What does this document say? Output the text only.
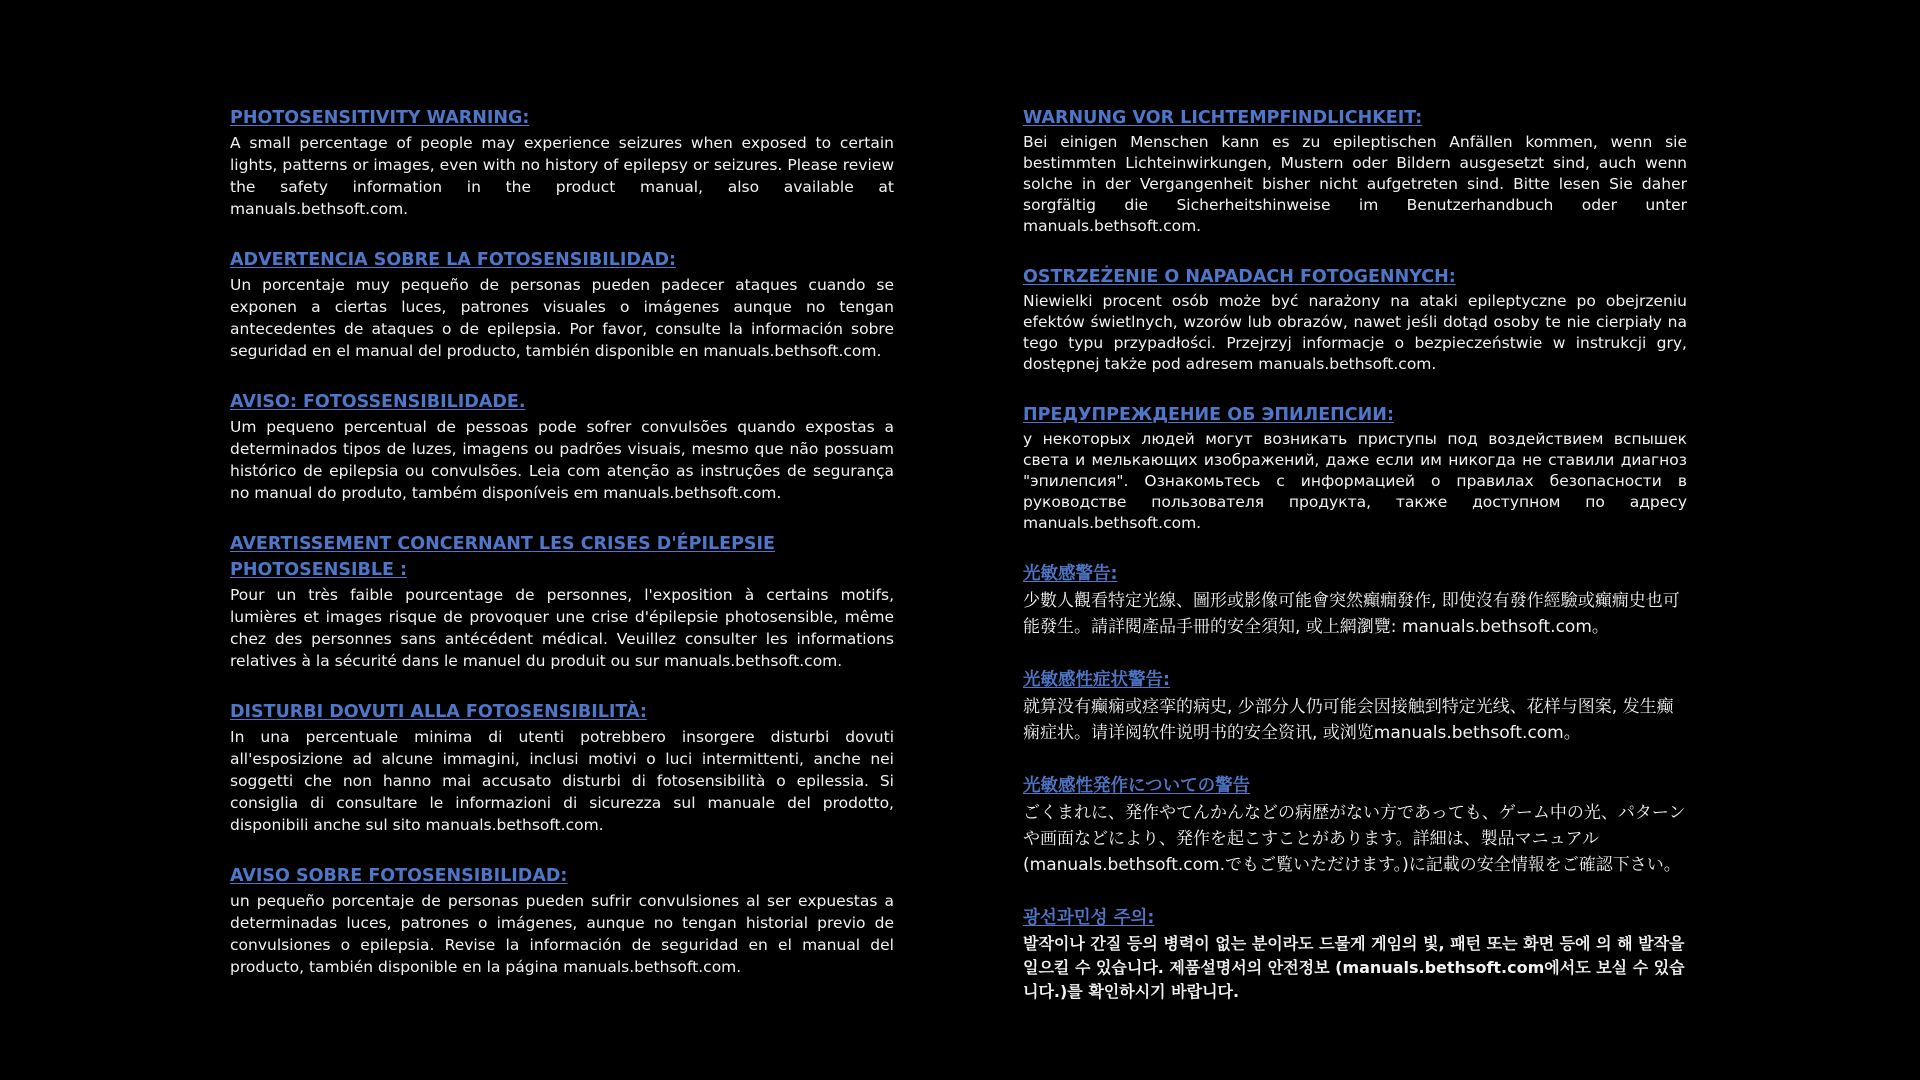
PHOTOSENSITIVITY WARNING:
A small percentage of people may experience seizures when exposed to certain lights, patterns or images, even with no history of epilepsy or seizures. Please review the safety information in the product manual, also available at manuals.bethsoft.com.
ADVERTENCIA SOBRE LA FOTOSENSIBILIDAD:
Un porcentaje muy pequeño de personas pueden padecer ataques cuando se exponen a ciertas luces, patrones visuales o imágenes aunque no tengan antecedentes de ataques o de epilepsia. Por favor, consulte la información sobre seguridad en el manual del producto, también disponible en manuals.bethsoft.com.
AVISO: FOTOSSENSIBILIDADE.
Um pequeno percentual de pessoas pode sofrer convulsões quando expostas a determinados tipos de luzes, imagens ou padrões visuais, mesmo que não possuam histórico de epilepsia ou convulsões. Leia com atenção as instruções de segurança no manual do produto, também disponíveis em manuals.bethsoft.com.
AVERTISSEMENT CONCERNANT LES CRISES D'ÉPILEPSIE PHOTOSENSIBLE :
Pour un très faible pourcentage de personnes, l'exposition à certains motifs, lumières et images risque de provoquer une crise d'épilepsie photosensible, même chez des personnes sans antécédent médical. Veuillez consulter les informations relatives à la sécurité dans le manuel du produit ou sur manuals.bethsoft.com.
DISTURBI DOVUTI ALLA FOTOSENSIBILITÀ:
In una percentuale minima di utenti potrebbero insorgere disturbi dovuti all'esposizione ad alcune immagini, inclusi motivi o luci intermittenti, anche nei soggetti che non hanno mai accusato disturbi di fotosensibilità o epilessia. Si consiglia di consultare le informazioni di sicurezza sul manuale del prodotto, disponibili anche sul sito manuals.bethsoft.com.
AVISO SOBRE FOTOSENSIBILIDAD:
un pequeño porcentaje de personas pueden sufrir convulsiones al ser expuestas a determinadas luces, patrones o imágenes, aunque no tengan historial previo de convulsiones o epilepsia. Revise la información de seguridad en el manual del producto, también disponible en la página manuals.bethsoft.com.
WARNUNG VOR LICHTEMPFINDLICHKEIT:
Bei einigen Menschen kann es zu epileptischen Anfällen kommen, wenn sie bestimmten Lichteinwirkungen, Mustern oder Bildern ausgesetzt sind, auch wenn solche in der Vergangenheit bisher nicht aufgetreten sind. Bitte lesen Sie daher sorgfältig die Sicherheitshinweise im Benutzerhandbuch oder unter manuals.bethsoft.com.
OSTRZEŻENIE O NAPADACH FOTOGENNYCH:
Niewielki procent osób może być narażony na ataki epileptyczne po obejrzeniu efektów świetlnych, wzorów lub obrazów, nawet jeśli dotąd osoby te nie cierpiały na tego typu przypadłości. Przejrzyj informacje o bezpieczeństwie w instrukcji gry, dostępnej także pod adresem manuals.bethsoft.com.
ПРЕДУПРЕЖДЕНИЕ ОБ ЭПИЛЕПСИИ:
у некоторых людей могут возникать приступы под воздействием вспышек света и мелькающих изображений, даже если им никогда не ставили диагноз "эпилепсия". Ознакомьтесь с информацией о правилах безопасности в руководстве пользователя продукта, также доступном по адресу manuals.bethsoft.com.
光敏感警告:
少數人觀看特定光線、圖形或影像可能會突然癲癇發作, 即使沒有發作經驗或癲癇史也可能發生。請詳閱產品手冊的安全須知, 或上網瀏覽: manuals.bethsoft.com。
光敏感性症状警告:
就算没有癫痫或痉挛的病史, 少部分人仍可能会因接触到特定光线、花样与图案, 发生癫痫症状。请详阅软件说明书的安全资讯, 或浏览manuals.bethsoft.com。
光敏感性発作についての警告
ごくまれに、発作やてんかんなどの病歴がない方であっても、ゲーム中の光、パターンや画面などにより、発作を起こすことがあります。詳細は、製品マニュアル(manuals.bethsoft.com.でもご覧いただけます。)に記載の安全情報をご確認下さい。
광선과민성 주의:
발작이나 간질 등의 병력이 없는 분이라도 드물게 게임의 빛, 패턴 또는 화면 등에 의 해 발작을 일으킬 수 있습니다. 제품설명서의 안전정보 (manuals.bethsoft.com에서도 보실 수 있습니다.)를 확인하시기 바랍니다.
